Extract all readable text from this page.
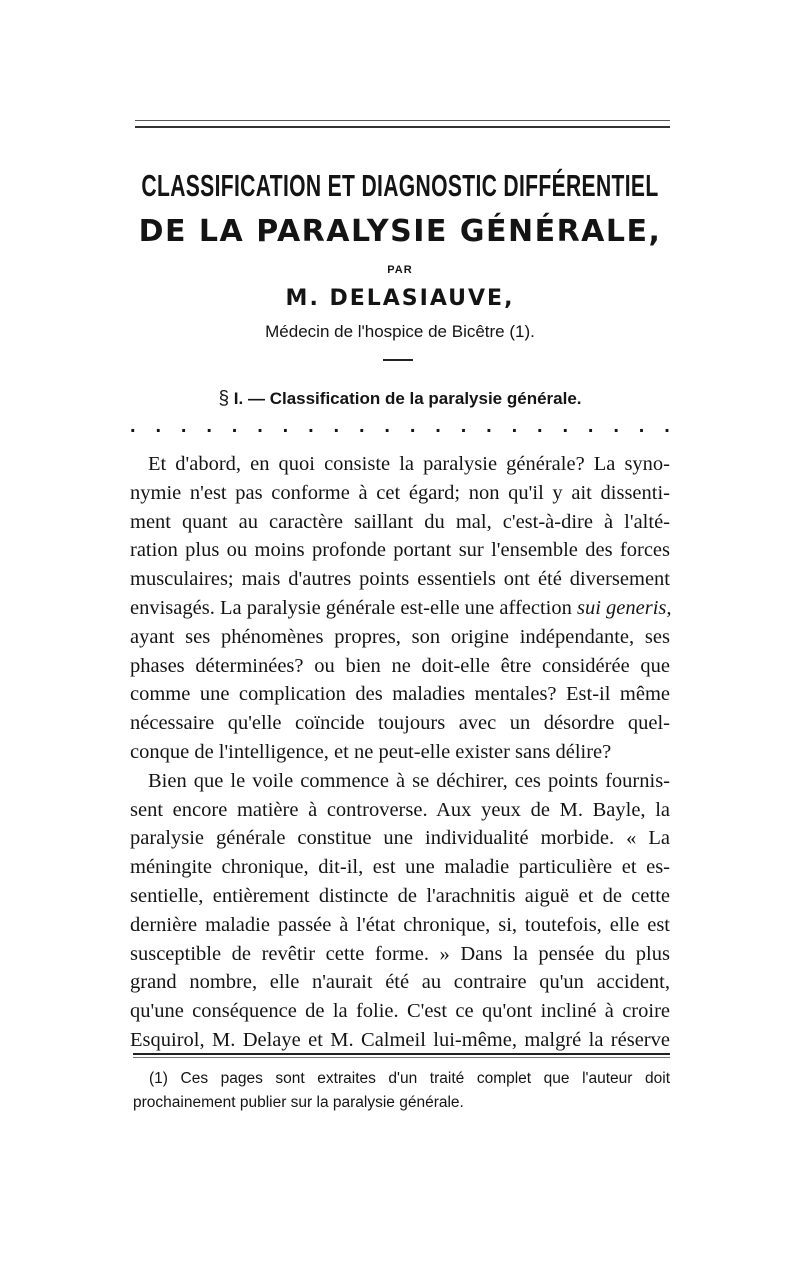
CLASSIFICATION ET DIAGNOSTIC DIFFÉRENTIEL
DE LA PARALYSIE GÉNÉRALE,
PAR
M. DELASIAUVE,
Médecin de l'hospice de Bicêtre (1).
§ I. — Classification de la paralysie générale.
. . . . . . . . . . . . . . . . . . . . . .
Et d'abord, en quoi consiste la paralysie générale? La syno-
nymie n'est pas conforme à cet égard; non qu'il y ait dissenti-
ment quant au caractère saillant du mal, c'est-à-dire à l'alté-
ration plus ou moins profonde portant sur l'ensemble des forces
musculaires; mais d'autres points essentiels ont été diversement
envisagés. La paralysie générale est-elle une affection sui generis,
ayant ses phénomènes propres, son origine indépendante, ses
phases déterminées? ou bien ne doit-elle être considérée que
comme une complication des maladies mentales? Est-il même
nécessaire qu'elle coïncide toujours avec un désordre quel-
conque de l'intelligence, et ne peut-elle exister sans délire?
Bien que le voile commence à se déchirer, ces points fournis-
sent encore matière à controverse. Aux yeux de M. Bayle, la
paralysie générale constitue une individualité morbide. « La
méningite chronique, dit-il, est une maladie particulière et es-
sentielle, entièrement distincte de l'arachnitis aiguë et de cette
dernière maladie passée à l'état chronique, si, toutefois, elle est
susceptible de revêtir cette forme. » Dans la pensée du plus
grand nombre, elle n'aurait été au contraire qu'un accident,
qu'une conséquence de la folie. C'est ce qu'ont incliné à croire
Esquirol, M. Delaye et M. Calmeil lui-même, malgré la réserve
(1) Ces pages sont extraites d'un traité complet que l'auteur doit
prochainement publier sur la paralysie générale.
